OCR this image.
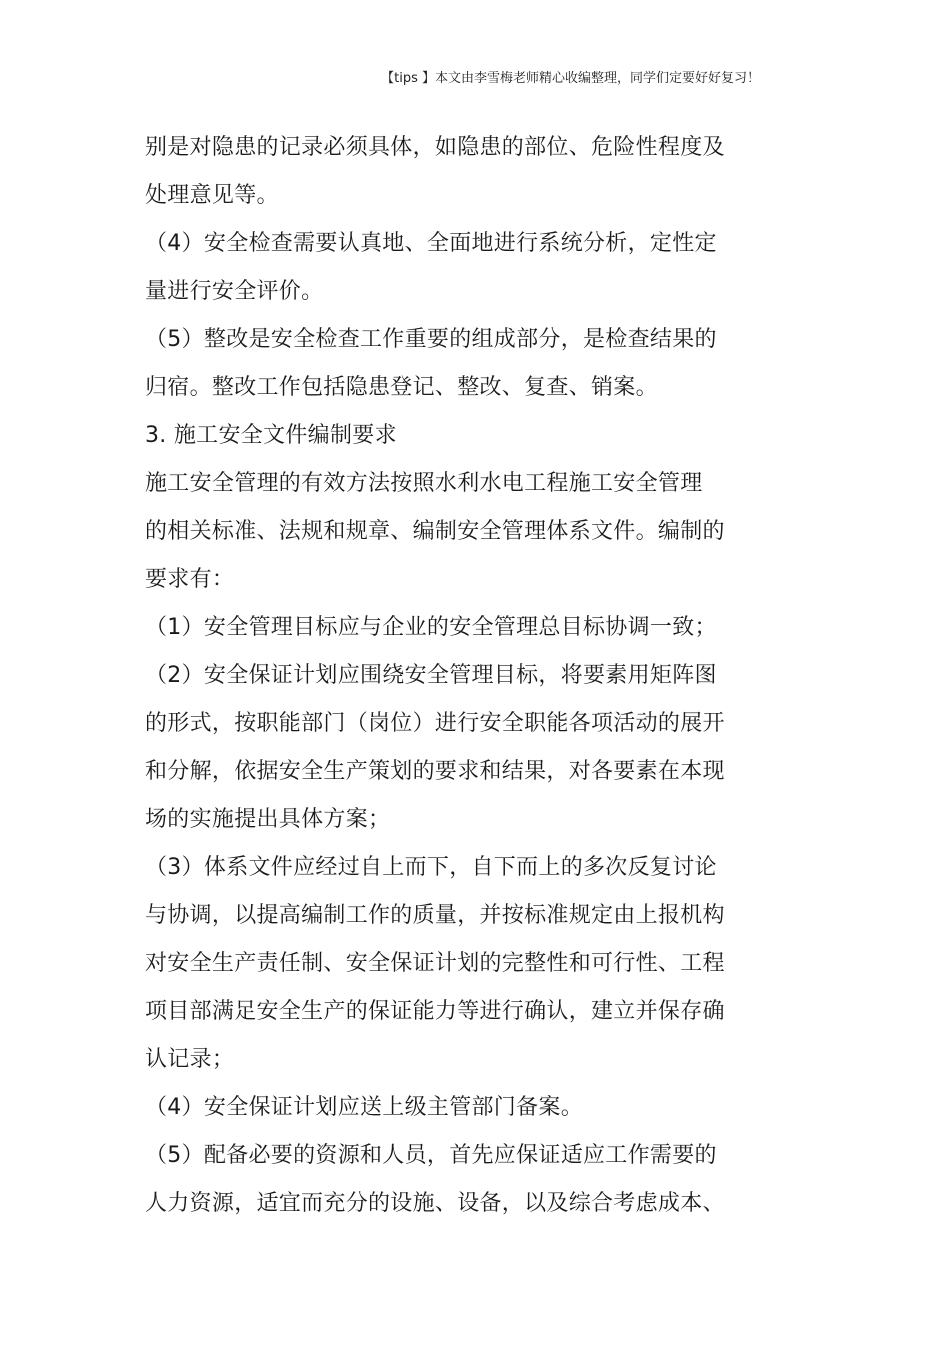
【tips 】本文由李雪梅老师精心收编整理，同学们定要好好复习！
别是对隐患的记录必须具体，如隐患的部位、危险性程度及
处理意见等。
（4）安全检查需要认真地、全面地进行系统分析，定性定
量进行安全评价。
（5）整改是安全检查工作重要的组成部分，是检查结果的
归宿。整改工作包括隐患登记、整改、复查、销案。
3. 施工安全文件编制要求
施工安全管理的有效方法按照水利水电工程施工安全管理
的相关标准、法规和规章、编制安全管理体系文件。编制的
要求有：
（1）安全管理目标应与企业的安全管理总目标协调一致；
（2）安全保证计划应围绕安全管理目标，将要素用矩阵图
的形式，按职能部门（岗位）进行安全职能各项活动的展开
和分解，依据安全生产策划的要求和结果，对各要素在本现
场的实施提出具体方案；
（3）体系文件应经过自上而下，自下而上的多次反复讨论
与协调，以提高编制工作的质量，并按标准规定由上报机构
对安全生产责任制、安全保证计划的完整性和可行性、工程
项目部满足安全生产的保证能力等进行确认，建立并保存确
认记录；
（4）安全保证计划应送上级主管部门备案。
（5）配备必要的资源和人员，首先应保证适应工作需要的
人力资源，适宜而充分的设施、设备，以及综合考虑成本、
